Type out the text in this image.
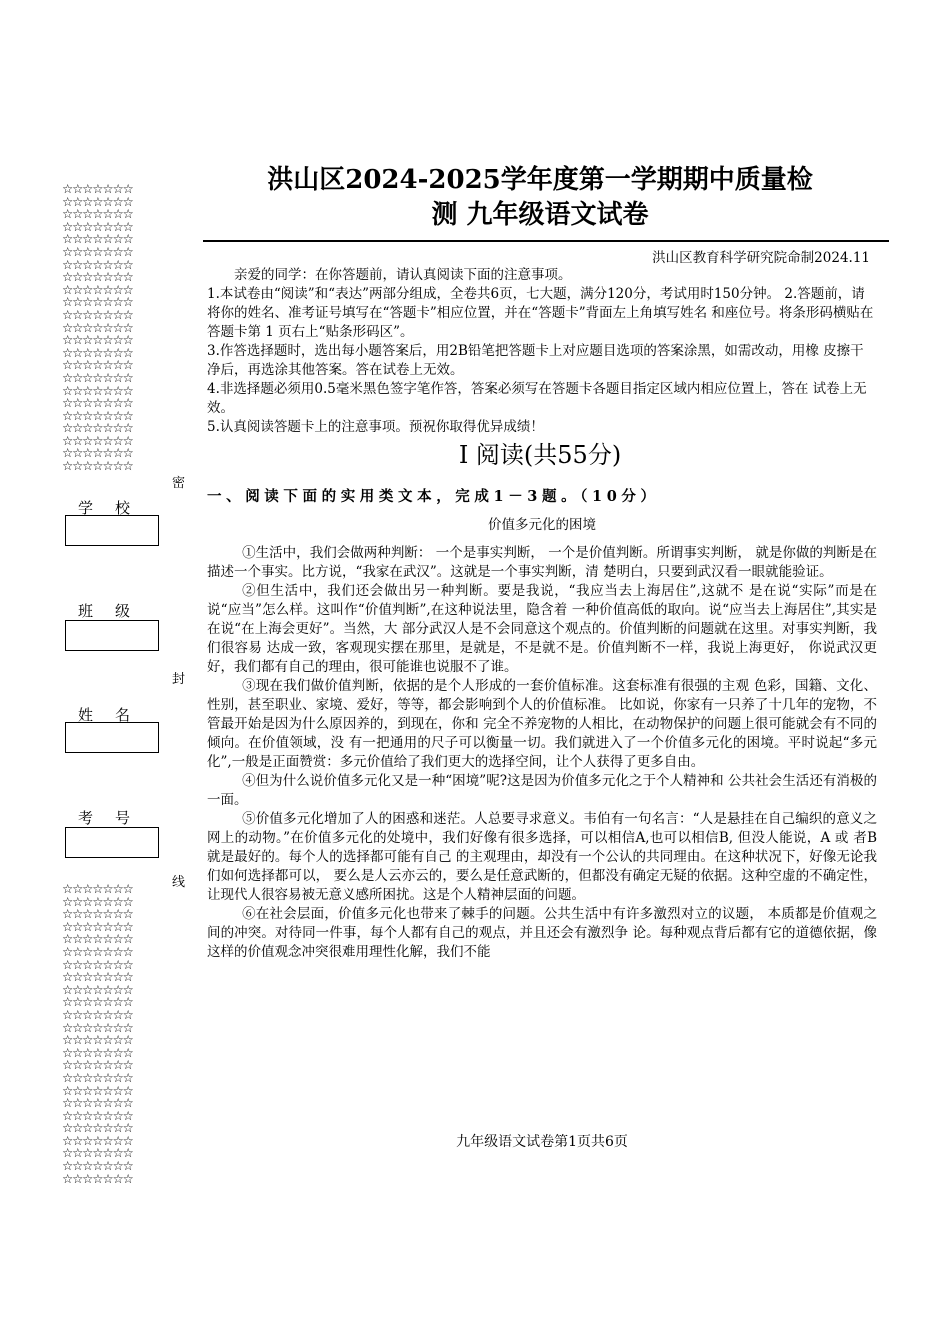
☆☆☆☆☆☆☆
☆☆☆☆☆☆☆
☆☆☆☆☆☆☆
☆☆☆☆☆☆☆
☆☆☆☆☆☆☆
☆☆☆☆☆☆☆
☆☆☆☆☆☆☆
☆☆☆☆☆☆☆
☆☆☆☆☆☆☆
☆☆☆☆☆☆☆
☆☆☆☆☆☆☆
☆☆☆☆☆☆☆
☆☆☆☆☆☆☆
☆☆☆☆☆☆☆
☆☆☆☆☆☆☆
☆☆☆☆☆☆☆
☆☆☆☆☆☆☆
☆☆☆☆☆☆☆
☆☆☆☆☆☆☆
☆☆☆☆☆☆☆
☆☆☆☆☆☆☆
☆☆☆☆☆☆☆
☆☆☆☆☆☆☆
☆☆☆☆☆☆☆
☆☆☆☆☆☆☆
☆☆☆☆☆☆☆
☆☆☆☆☆☆☆
☆☆☆☆☆☆☆
☆☆☆☆☆☆☆
☆☆☆☆☆☆☆
☆☆☆☆☆☆☆
☆☆☆☆☆☆☆
☆☆☆☆☆☆☆
☆☆☆☆☆☆☆
☆☆☆☆☆☆☆
☆☆☆☆☆☆☆
☆☆☆☆☆☆☆
☆☆☆☆☆☆☆
☆☆☆☆☆☆☆
☆☆☆☆☆☆☆
☆☆☆☆☆☆☆
☆☆☆☆☆☆☆
☆☆☆☆☆☆☆
☆☆☆☆☆☆☆
☆☆☆☆☆☆☆
☆☆☆☆☆☆☆
☆☆☆☆☆☆☆
学校
班级
姓名
考号
密
封
线
洪山区2024-2025学年度第一学期期中质量检
测 九年级语文试卷
洪山区教育科学研究院命制2024.11

亲爱的同学：在你答题前，请认真阅读下面的注意事项。

1.本试卷由“阅读”和“表达”两部分组成，全卷共6页，七大题，满分120分，考试用时150分钟。 2.答题前，请将你的姓名、准考证号填写在“答题卡”相应位置，并在“答题卡”背面左上角填写姓名 和座位号。将条形码横贴在答题卡第 1 页右上“贴条形码区”。

3.作答选择题时，选出每小题答案后，用2B铅笔把答题卡上对应题目选项的答案涂黑，如需改动，用橡 皮擦干净后，再选涂其他答案。答在试卷上无效。

4.非选择题必须用0.5毫米黑色签字笔作答，答案必须写在答题卡各题目指定区域内相应位置上，答在 试卷上无效。

5.认真阅读答题卡上的注意事项。预祝你取得优异成绩！

Ⅰ 阅读(共55分)
一、阅读下面的实用类文本，完成1－3题。（10分）
价值多元化的困境

①生活中，我们会做两种判断： 一个是事实判断， 一个是价值判断。所谓事实判断， 就是你做的判断是在描述一个事实。比方说，“我家在武汉”。这就是一个事实判断，清 楚明白，只要到武汉看一眼就能验证。

②但生活中，我们还会做出另一种判断。要是我说，“我应当去上海居住”,这就不 是在说“实际”而是在说“应当”怎么样。这叫作“价值判断”,在这种说法里，隐含着 一种价值高低的取向。说“应当去上海居住”,其实是在说“在上海会更好”。当然，大 部分武汉人是不会同意这个观点的。价值判断的问题就在这里。对事实判断，我们很容易 达成一致，客观现实摆在那里，是就是，不是就不是。价值判断不一样，我说上海更好， 你说武汉更好，我们都有自己的理由，很可能谁也说服不了谁。

③现在我们做价值判断，依据的是个人形成的一套价值标准。这套标准有很强的主观 色彩，国籍、文化、性别，甚至职业、家境、爱好，等等，都会影响到个人的价值标准。 比如说，你家有一只养了十几年的宠物，不管最开始是因为什么原因养的，到现在，你和 完全不养宠物的人相比，在动物保护的问题上很可能就会有不同的倾向。在价值领域，没 有一把通用的尺子可以衡量一切。我们就进入了一个价值多元化的困境。平时说起“多元 化”,一般是正面赞赏：多元价值给了我们更大的选择空间，让个人获得了更多自由。

④但为什么说价值多元化又是一种“困境”呢?这是因为价值多元化之于个人精神和 公共社会生活还有消极的一面。

⑤价值多元化增加了人的困惑和迷茫。人总要寻求意义。韦伯有一句名言：“人是悬挂在自己编织的意义之网上的动物。”在价值多元化的处境中，我们好像有很多选择，可以相信A,也可以相信B, 但没人能说，A 或 者B 就是最好的。每个人的选择都可能有自己 的主观理由，却没有一个公认的共同理由。在这种状况下，好像无论我们如何选择都可以， 要么是人云亦云的，要么是任意武断的，但都没有确定无疑的依据。这种空虚的不确定性， 让现代人很容易被无意义感所困扰。这是个人精神层面的问题。

⑥在社会层面，价值多元化也带来了棘手的问题。公共生活中有许多激烈对立的议题， 本质都是价值观之间的冲突。对待同一件事，每个人都有自己的观点，并且还会有激烈争 论。每种观点背后都有它的道德依据，像这样的价值观念冲突很难用理性化解，我们不能

九年级语文试卷第1页共6页
